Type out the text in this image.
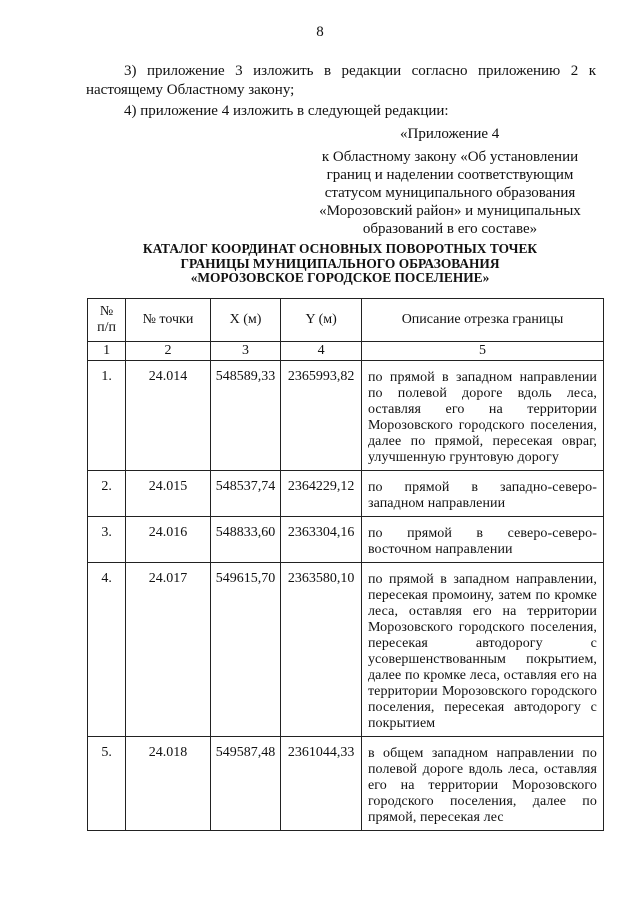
8
3) приложение 3 изложить в редакции согласно приложению 2 к настоящему Областному закону;
4) приложение 4 изложить в следующей редакции:
«Приложение 4
к Областному закону «Об установлении
границ и наделении соответствующим
статусом муниципального образования
«Морозовский район» и муниципальных
образований в его составе»
КАТАЛОГ КООРДИНАТ ОСНОВНЫХ ПОВОРОТНЫХ ТОЧЕК
ГРАНИЦЫ МУНИЦИПАЛЬНОГО ОБРАЗОВАНИЯ
«МОРОЗОВСКОЕ ГОРОДСКОЕ ПОСЕЛЕНИЕ»
№
п/п	№ точки	X (м)	Y (м)	Описание отрезка границы
1	2	3	4	5
1.	24.014	548589,33	2365993,82	по прямой в западном направлении по полевой дороге вдоль леса, оставляя его на территории Морозовского городского поселения, далее по прямой, пересекая овраг, улучшенную грунтовую дорогу
2.	24.015	548537,74	2364229,12	по прямой в западно-северо-западном направлении
3.	24.016	548833,60	2363304,16	по прямой в северо-северо-восточном направлении
4.	24.017	549615,70	2363580,10	по прямой в западном направлении, пересекая промоину, затем по кромке леса, оставляя его на территории Морозовского городского поселения, пересекая автодорогу с усовершенствованным покрытием, далее по кромке леса, оставляя его на территории Морозовского городского поселения, пересекая автодорогу с покрытием
5.	24.018	549587,48	2361044,33	в общем западном направлении по полевой дороге вдоль леса, оставляя его на территории Морозовского городского поселения, далее по прямой, пересекая лес
